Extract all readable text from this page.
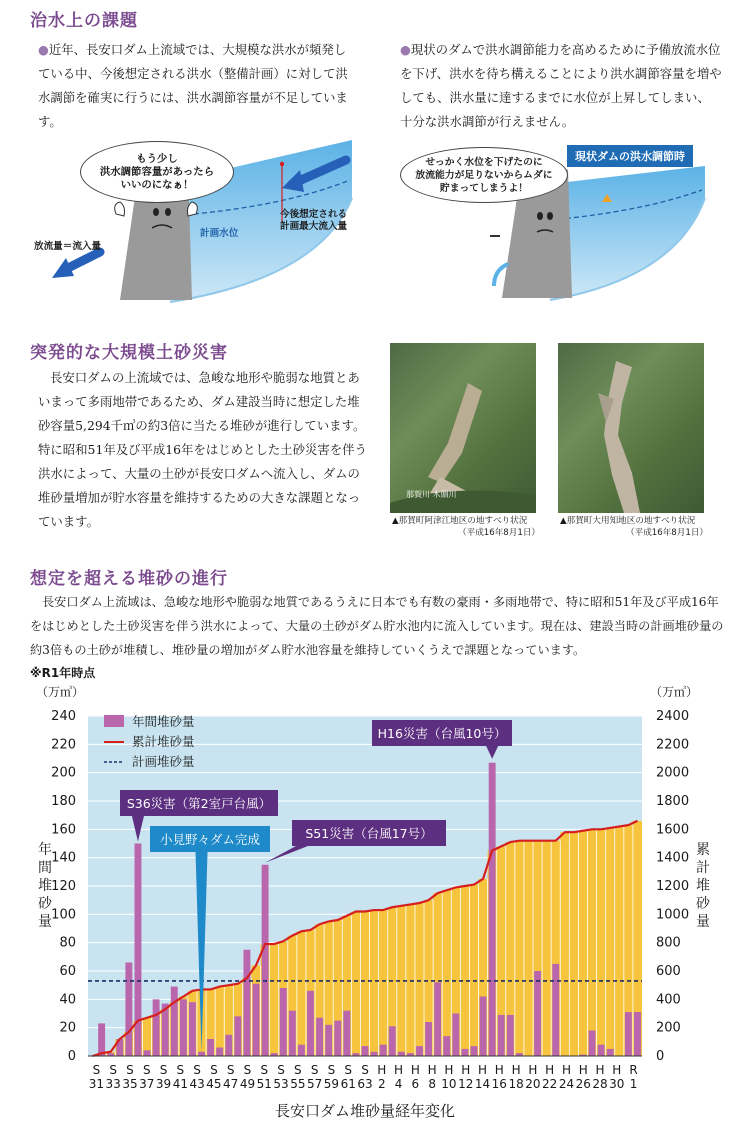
治水上の課題

●近年、長安口ダム上流域では、大規模な洪水が頻発している中、今後想定される洪水（整備計画）に対して洪水調節を確実に行うには、洪水調節容量が不足しています。

●現状のダムで洪水調節能力を高めるために予備放流水位を下げ、洪水を待ち構えることにより洪水調節容量を増やしても、洪水量に達するまでに水位が上昇してしまい、十分な洪水調節が行えません。

もう少し
洪水調節容量があったら
いいのになぁ！
計画水位
今後想定される
計画最大流入量
放流量＝流入量
せっかく水位を下げたのに
放流能力が足りないからムダに
貯まってしまうよ！
現状ダムの洪水調節時
突発的な大規模土砂災害

長安口ダムの上流域では、急峻な地形や脆弱な地質とあいまって多雨地帯であるため、ダム建設当時に想定した堆砂容量5,294千㎥の約3倍に当たる堆砂が進行しています。特に昭和51年及び平成16年をはじめとした土砂災害を伴う洪水によって、大量の土砂が長安口ダムへ流入し、ダムの堆砂量増加が貯水容量を維持するための大きな課題となっています。

那賀川 木頭川
▲那賀町阿津江地区の地すべり状況
（平成16年8月1日）
▲那賀町大用知地区の地すべり状況
（平成16年8月1日）
想定を超える堆砂の進行

長安口ダム上流域は、急峻な地形や脆弱な地質であるうえに日本でも有数の豪雨・多雨地帯で、特に昭和51年及び平成16年をはじめとした土砂災害を伴う洪水によって、大量の土砂がダム貯水池内に流入しています。現在は、建設当時の計画堆砂量の約3倍もの土砂が堆積し、堆砂量の増加がダム貯水池容量を維持していくうえで課題となっています。

※R1年時点
0	0
20	200
40	400
60	600
80	800
100	1000
120	1200
140	1400
160	1600
180	1800
200	2000
220	2200
240	2400
S
31
S
33
S
35
S
37
S
39
S
41
S
43
S
45
S
47
S
49
S
51
S
53
S
55
S
57
S
59
S
61
S
63
H
2
H
4
H
6
H
8
H
10
H
12
H
14
H
16
H
18
H
20
H
22
H
24
H
26
H
28
H
30
R
1
（万㎥）	（万㎥）
年
間
堆
砂
量
累
計
堆
砂
量
長安口ダム堆砂量経年変化
年間堆砂量
累計堆砂量
計画堆砂量
S36災害（第2室戸台風）
小見野々ダム完成	S51災害（台風17号）
H16災害（台風10号）
